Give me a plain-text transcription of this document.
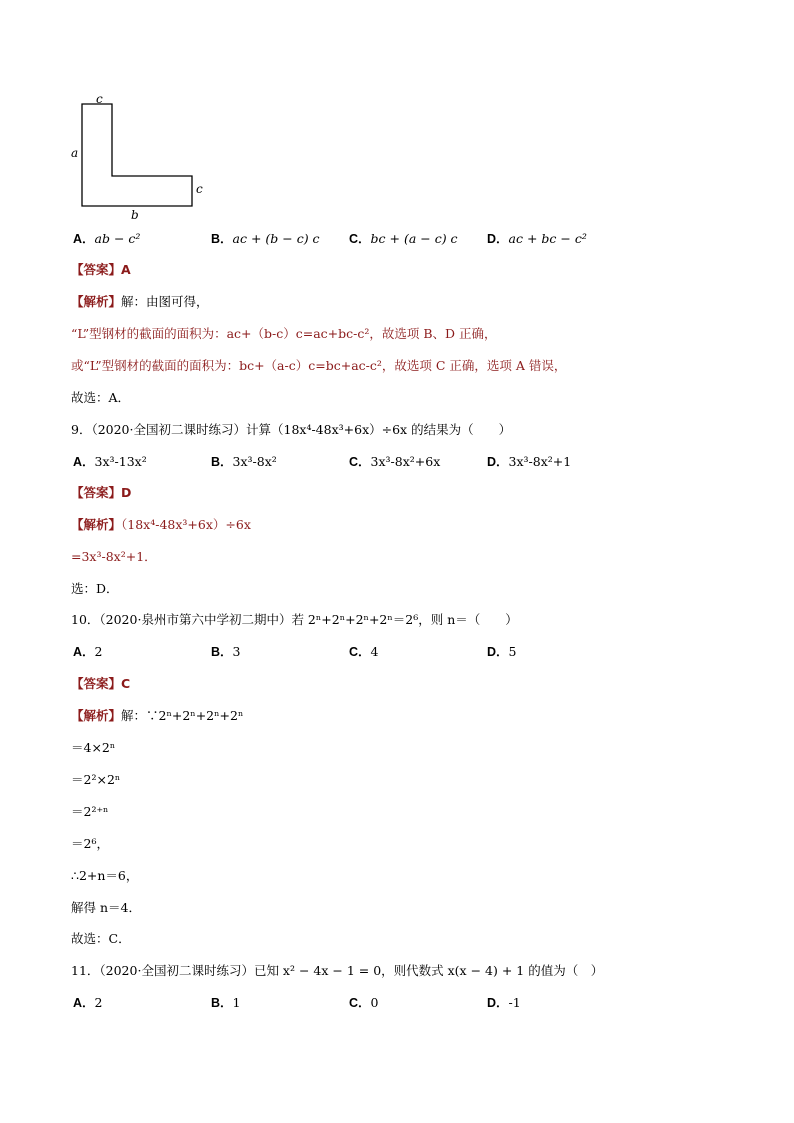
c
a
c
b
A．ab − c²	B．ac + (b − c) c C．bc + (a − c) c D．ac + bc − c²
【答案】A
【解析】解：由图可得，
“L”型钢材的截面的面积为：ac+（b-c）c=ac+bc-c²，故选项 B、D 正确，
或“L”型钢材的截面的面积为：bc+（a-c）c=bc+ac-c²，故选项 C 正确，选项 A 错误，
故选：A．
9．（2020·全国初二课时练习）计算（18x⁴-48x³+6x）÷6x 的结果为（　　）
A．3x³-13x²	B．3x³-8x²	C．3x³-8x²+6x	D．3x³-8x²+1
【答案】D
【解析】（18x⁴-48x³+6x）÷6x
=3x³-8x²+1．
选：D．
10．（2020·泉州市第六中学初二期中）若 2ⁿ+2ⁿ+2ⁿ+2ⁿ＝2⁶，则 n＝（　　）
A．2	B．3	C．4	D．5
【答案】C
【解析】解：∵2ⁿ+2ⁿ+2ⁿ+2ⁿ
＝4×2ⁿ
＝2²×2ⁿ
＝2²⁺ⁿ
＝2⁶，
∴2+n＝6，
解得 n＝4．
故选：C．
11．（2020·全国初二课时练习）已知 x² − 4x − 1 = 0，则代数式 x(x − 4) + 1 的值为（　）
A．2	B．1	C．0	D．-1
